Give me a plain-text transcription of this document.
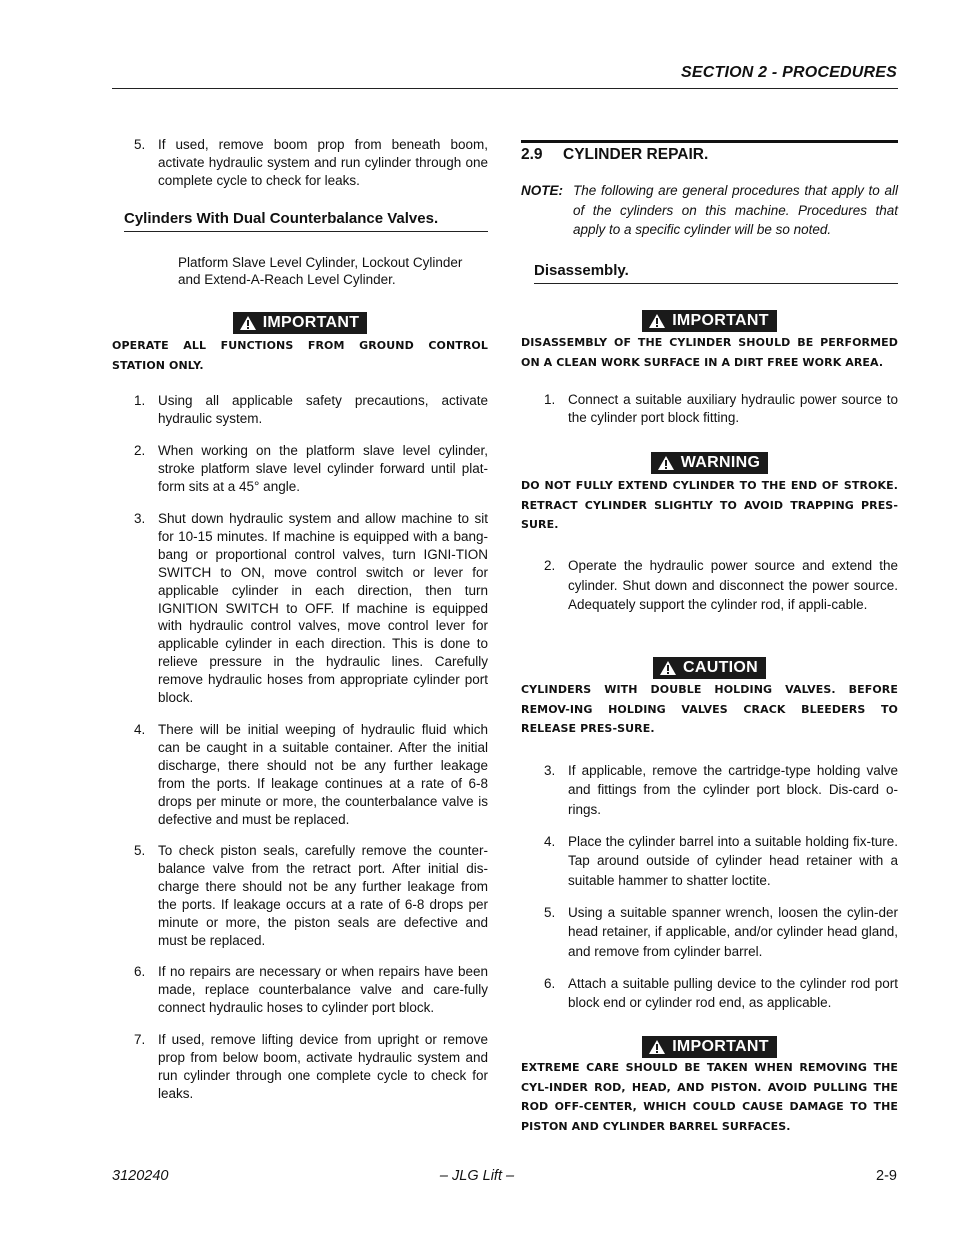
SECTION 2 - PROCEDURES
5. If used, remove boom prop from beneath boom, activate hydraulic system and run cylinder through one complete cycle to check for leaks.
Cylinders With Dual Counterbalance Valves.
Platform Slave Level Cylinder, Lockout Cylinder and Extend-A-Reach Level Cylinder.
IMPORTANT
OPERATE ALL FUNCTIONS FROM GROUND CONTROL STATION ONLY.
1. Using all applicable safety precautions, activate hydraulic system.
2. When working on the platform slave level cylinder, stroke platform slave level cylinder forward until plat-form sits at a 45° angle.
3. Shut down hydraulic system and allow machine to sit for 10-15 minutes. If machine is equipped with a bang-bang or proportional control valves, turn IGNI-TION SWITCH to ON, move control switch or lever for applicable cylinder in each direction, then turn IGNITION SWITCH to OFF. If machine is equipped with hydraulic control valves, move control lever for applicable cylinder in each direction. This is done to relieve pressure in the hydraulic lines. Carefully remove hydraulic hoses from appropriate cylinder port block.
4. There will be initial weeping of hydraulic fluid which can be caught in a suitable container. After the initial discharge, there should not be any further leakage from the ports. If leakage continues at a rate of 6-8 drops per minute or more, the counterbalance valve is defective and must be replaced.
5. To check piston seals, carefully remove the counter-balance valve from the retract port. After initial dis-charge there should not be any further leakage from the ports. If leakage occurs at a rate of 6-8 drops per minute or more, the piston seals are defective and must be replaced.
6. If no repairs are necessary or when repairs have been made, replace counterbalance valve and care-fully connect hydraulic hoses to cylinder port block.
7. If used, remove lifting device from upright or remove prop from below boom, activate hydraulic system and run cylinder through one complete cycle to check for leaks.
2.9 CYLINDER REPAIR.
NOTE: The following are general procedures that apply to all of the cylinders on this machine. Procedures that apply to a specific cylinder will be so noted.
Disassembly.
IMPORTANT
DISASSEMBLY OF THE CYLINDER SHOULD BE PERFORMED ON A CLEAN WORK SURFACE IN A DIRT FREE WORK AREA.
1. Connect a suitable auxiliary hydraulic power source to the cylinder port block fitting.
WARNING
DO NOT FULLY EXTEND CYLINDER TO THE END OF STROKE. RETRACT CYLINDER SLIGHTLY TO AVOID TRAPPING PRES-SURE.
2. Operate the hydraulic power source and extend the cylinder. Shut down and disconnect the power source. Adequately support the cylinder rod, if appli-cable.
CAUTION
CYLINDERS WITH DOUBLE HOLDING VALVES. BEFORE REMOV-ING HOLDING VALVES CRACK BLEEDERS TO RELEASE PRES-SURE.
3. If applicable, remove the cartridge-type holding valve and fittings from the cylinder port block. Dis-card o-rings.
4. Place the cylinder barrel into a suitable holding fix-ture. Tap around outside of cylinder head retainer with a suitable hammer to shatter loctite.
5. Using a suitable spanner wrench, loosen the cylin-der head retainer, if applicable, and/or cylinder head gland, and remove from cylinder barrel.
6. Attach a suitable pulling device to the cylinder rod port block end or cylinder rod end, as applicable.
IMPORTANT
EXTREME CARE SHOULD BE TAKEN WHEN REMOVING THE CYL-INDER ROD, HEAD, AND PISTON. AVOID PULLING THE ROD OFF-CENTER, WHICH COULD CAUSE DAMAGE TO THE PISTON AND CYLINDER BARREL SURFACES.
3120240	– JLG Lift –	2-9
